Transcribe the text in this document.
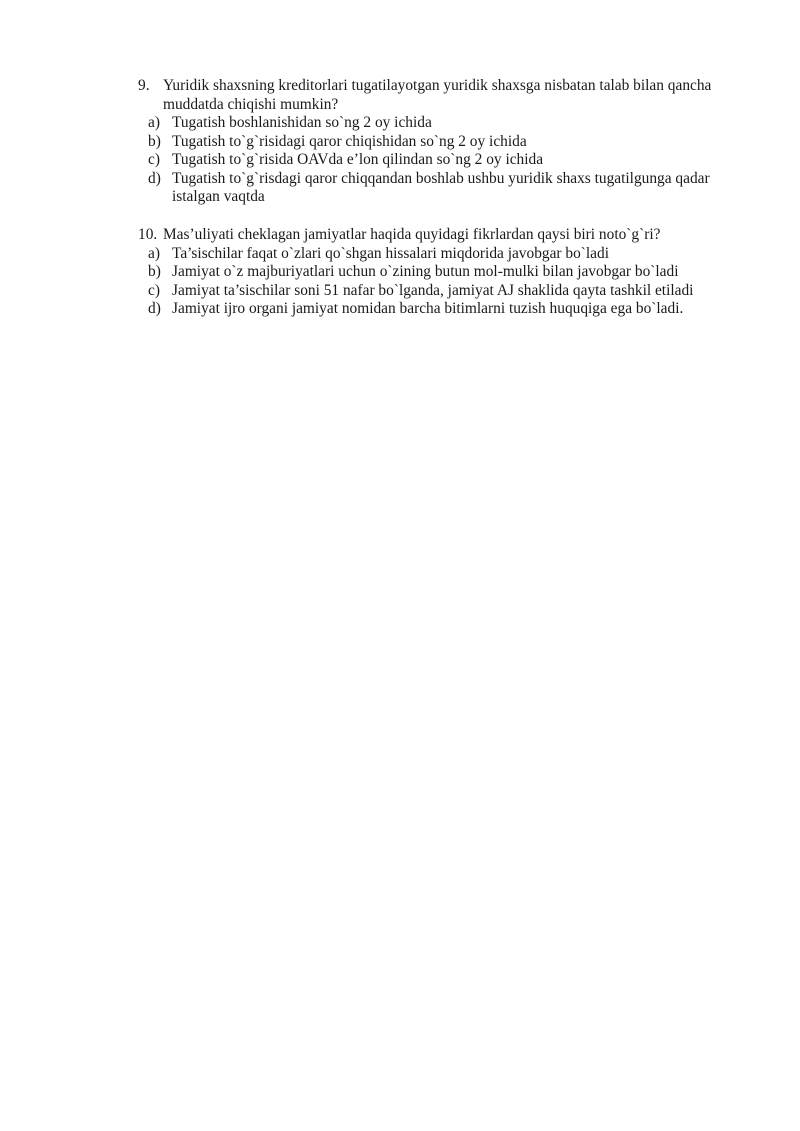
9. Yuridik shaxsning kreditorlari tugatilayotgan yuridik shaxsga nisbatan talab bilan qancha muddatda chiqishi mumkin?
a) Tugatish boshlanishidan so`ng 2 oy ichida
b) Tugatish to`g`risidagi qaror chiqishidan so`ng 2 oy ichida
c) Tugatish to`g`risida OAVda e’lon qilindan so`ng 2 oy ichida
d) Tugatish to`g`risdagi qaror chiqqandan boshlab ushbu yuridik shaxs tugatilgunga qadar istalgan vaqtda
10. Mas’uliyati cheklagan jamiyatlar haqida quyidagi fikrlardan qaysi biri noto`g`ri?
a) Ta’sischilar faqat o`zlari qo`shgan hissalari miqdorida javobgar bo`ladi
b) Jamiyat o`z majburiyatlari uchun o`zining butun mol-mulki bilan javobgar bo`ladi
c) Jamiyat ta’sischilar soni 51 nafar bo`lganda, jamiyat AJ shaklida qayta tashkil etiladi
d) Jamiyat ijro organi jamiyat nomidan barcha bitimlarni tuzish huquqiga ega bo`ladi.
